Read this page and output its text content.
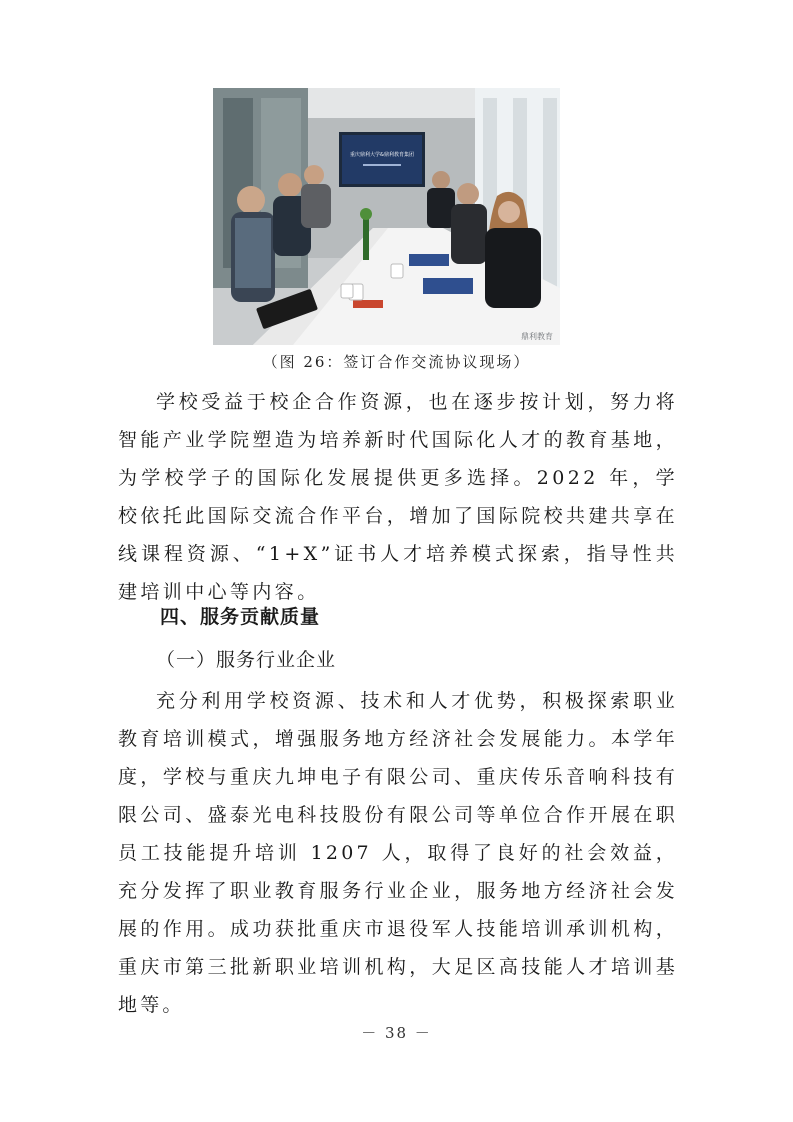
重庆鼎利大学&鼎利教育集团
鼎利教育
（图 26：签订合作交流协议现场）

学校受益于校企合作资源，也在逐步按计划，努力将智能产业学院塑造为培养新时代国际化人才的教育基地，为学校学子的国际化发展提供更多选择。2022 年，学校依托此国际交流合作平台，增加了国际院校共建共享在线课程资源、“1+X”证书人才培养模式探索，指导性共建培训中心等内容。

四、服务贡献质量
（一）服务行业企业

充分利用学校资源、技术和人才优势，积极探索职业教育培训模式，增强服务地方经济社会发展能力。本学年度，学校与重庆九坤电子有限公司、重庆传乐音响科技有限公司、盛泰光电科技股份有限公司等单位合作开展在职员工技能提升培训 1207 人，取得了良好的社会效益，充分发挥了职业教育服务行业企业，服务地方经济社会发展的作用。成功获批重庆市退役军人技能培训承训机构，重庆市第三批新职业培训机构，大足区高技能人才培训基地等。

－ 38 －
